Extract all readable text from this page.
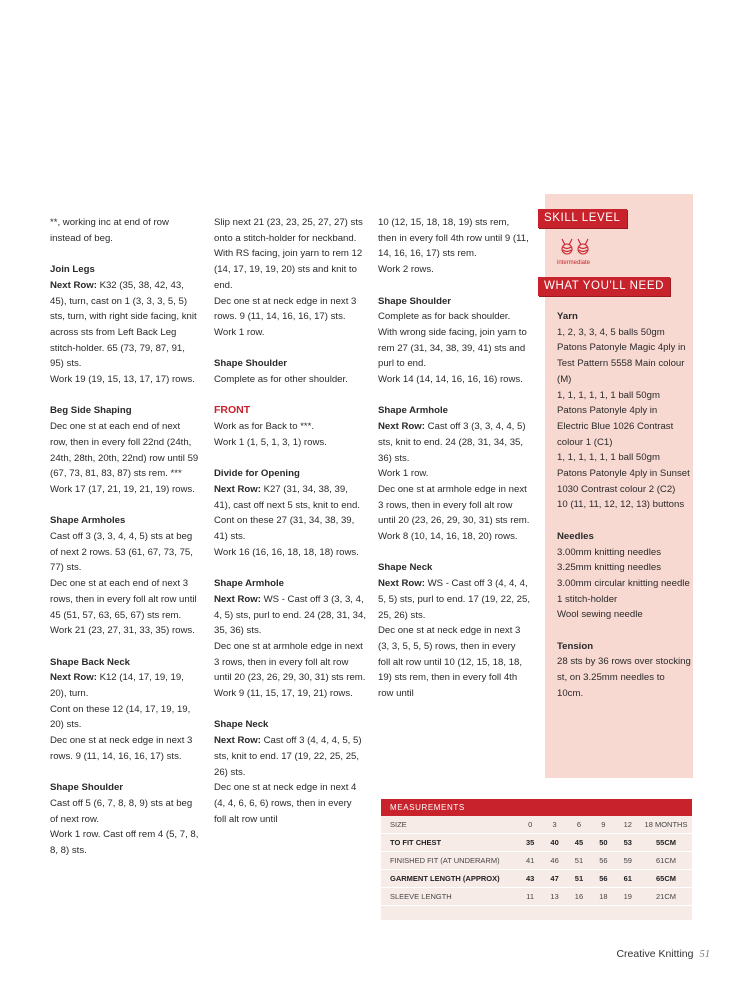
**, working inc at end of row instead of beg.

Join Legs
Next Row: K32 (35, 38, 42, 43, 45), turn, cast on 1 (3, 3, 3, 5, 5) sts, turn, with right side facing, knit across sts from Left Back Leg stitch-holder. 65 (73, 79, 87, 91, 95) sts.
Work 19 (19, 15, 13, 17, 17) rows.

Beg Side Shaping
Dec one st at each end of next row, then in every foll 22nd (24th, 24th, 28th, 20th, 22nd) row until 59 (67, 73, 81, 83, 87) sts rem. ***
Work 17 (17, 21, 19, 21, 19) rows.

Shape Armholes
Cast off 3 (3, 3, 4, 4, 5) sts at beg of next 2 rows. 53 (61, 67, 73, 75, 77) sts.
Dec one st at each end of next 3 rows, then in every foll alt row until 45 (51, 57, 63, 65, 67) sts rem.
Work 21 (23, 27, 31, 33, 35) rows.

Shape Back Neck
Next Row: K12 (14, 17, 19, 19, 20), turn.
Cont on these 12 (14, 17, 19, 19, 20) sts.
Dec one st at neck edge in next 3 rows. 9 (11, 14, 16, 16, 17) sts.

Shape Shoulder
Cast off 5 (6, 7, 8, 8, 9) sts at beg of next row.
Work 1 row. Cast off rem 4 (5, 7, 8, 8, 8) sts.

Slip next 21 (23, 23, 25, 27, 27) sts onto a stitch-holder for neckband. With RS facing, join yarn to rem 12 (14, 17, 19, 19, 20) sts and knit to end.
Dec one st at neck edge in next 3 rows. 9 (11, 14, 16, 16, 17) sts.
Work 1 row.

Shape Shoulder
Complete as for other shoulder.

FRONT
Work as for Back to ***.
Work 1 (1, 5, 1, 3, 1) rows.

Divide for Opening
Next Row: K27 (31, 34, 38, 39, 41), cast off next 5 sts, knit to end.
Cont on these 27 (31, 34, 38, 39, 41) sts.
Work 16 (16, 16, 18, 18, 18) rows.

Shape Armhole
Next Row: WS - Cast off 3 (3, 3, 4, 4, 5) sts, purl to end. 24 (28, 31, 34, 35, 36) sts.
Dec one st at armhole edge in next 3 rows, then in every foll alt row until 20 (23, 26, 29, 30, 31) sts rem.
Work 9 (11, 15, 17, 19, 21) rows.

Shape Neck
Next Row: Cast off 3 (4, 4, 4, 5, 5) sts, knit to end. 17 (19, 22, 25, 25, 26) sts.
Dec one st at neck edge in next 4 (4, 4, 6, 6, 6) rows, then in every foll alt row until

10 (12, 15, 18, 18, 19) sts rem, then in every foll 4th row until 9 (11, 14, 16, 16, 17) sts rem.
Work 2 rows.

Shape Shoulder
Complete as for back shoulder.
With wrong side facing, join yarn to rem 27 (31, 34, 38, 39, 41) sts and purl to end.
Work 14 (14, 14, 16, 16, 16) rows.

Shape Armhole
Next Row: Cast off 3 (3, 3, 4, 4, 5) sts, knit to end. 24 (28, 31, 34, 35, 36) sts.
Work 1 row.
Dec one st at armhole edge in next 3 rows, then in every foll alt row until 20 (23, 26, 29, 30, 31) sts rem.
Work 8 (10, 14, 16, 18, 20) rows.

Shape Neck
Next Row: WS - Cast off 3 (4, 4, 4, 5, 5) sts, purl to end. 17 (19, 22, 25, 25, 26) sts.
Dec one st at neck edge in next 3 (3, 3, 5, 5, 5) rows, then in every foll alt row until 10 (12, 15, 18, 18, 19) sts rem, then in every foll 4th row until

SKILL LEVEL
intermediate
WHAT YOU'LL NEED
Yarn
1, 2, 3, 3, 4, 5 balls 50gm Patons Patonyle Magic 4ply in Test Pattern 5558 Main colour (M)
1, 1, 1, 1, 1, 1 ball 50gm Patons Patonyle 4ply in Electric Blue 1026 Contrast colour 1 (C1)
1, 1, 1, 1, 1, 1 ball 50gm Patons Patonyle 4ply in Sunset 1030 Contrast colour 2 (C2)
10 (11, 11, 12, 12, 13) buttons
Needles
3.00mm knitting needles
3.25mm knitting needles
3.00mm circular knitting needle
1 stitch-holder
Wool sewing needle
Tension
28 sts by 36 rows over stocking st, on 3.25mm needles to 10cm.
MEASUREMENTS
SIZE	0	3	6	9	12	18 MONTHS
TO FIT CHEST	35	40	45	50	53	55CM
FINISHED FIT (AT UNDERARM)	41	46	51	56	59	61CM
GARMENT LENGTH (APPROX)	43	47	51	56	61	65CM
SLEEVE LENGTH	11	13	16	18	19	21CM
Creative Knitting 51
